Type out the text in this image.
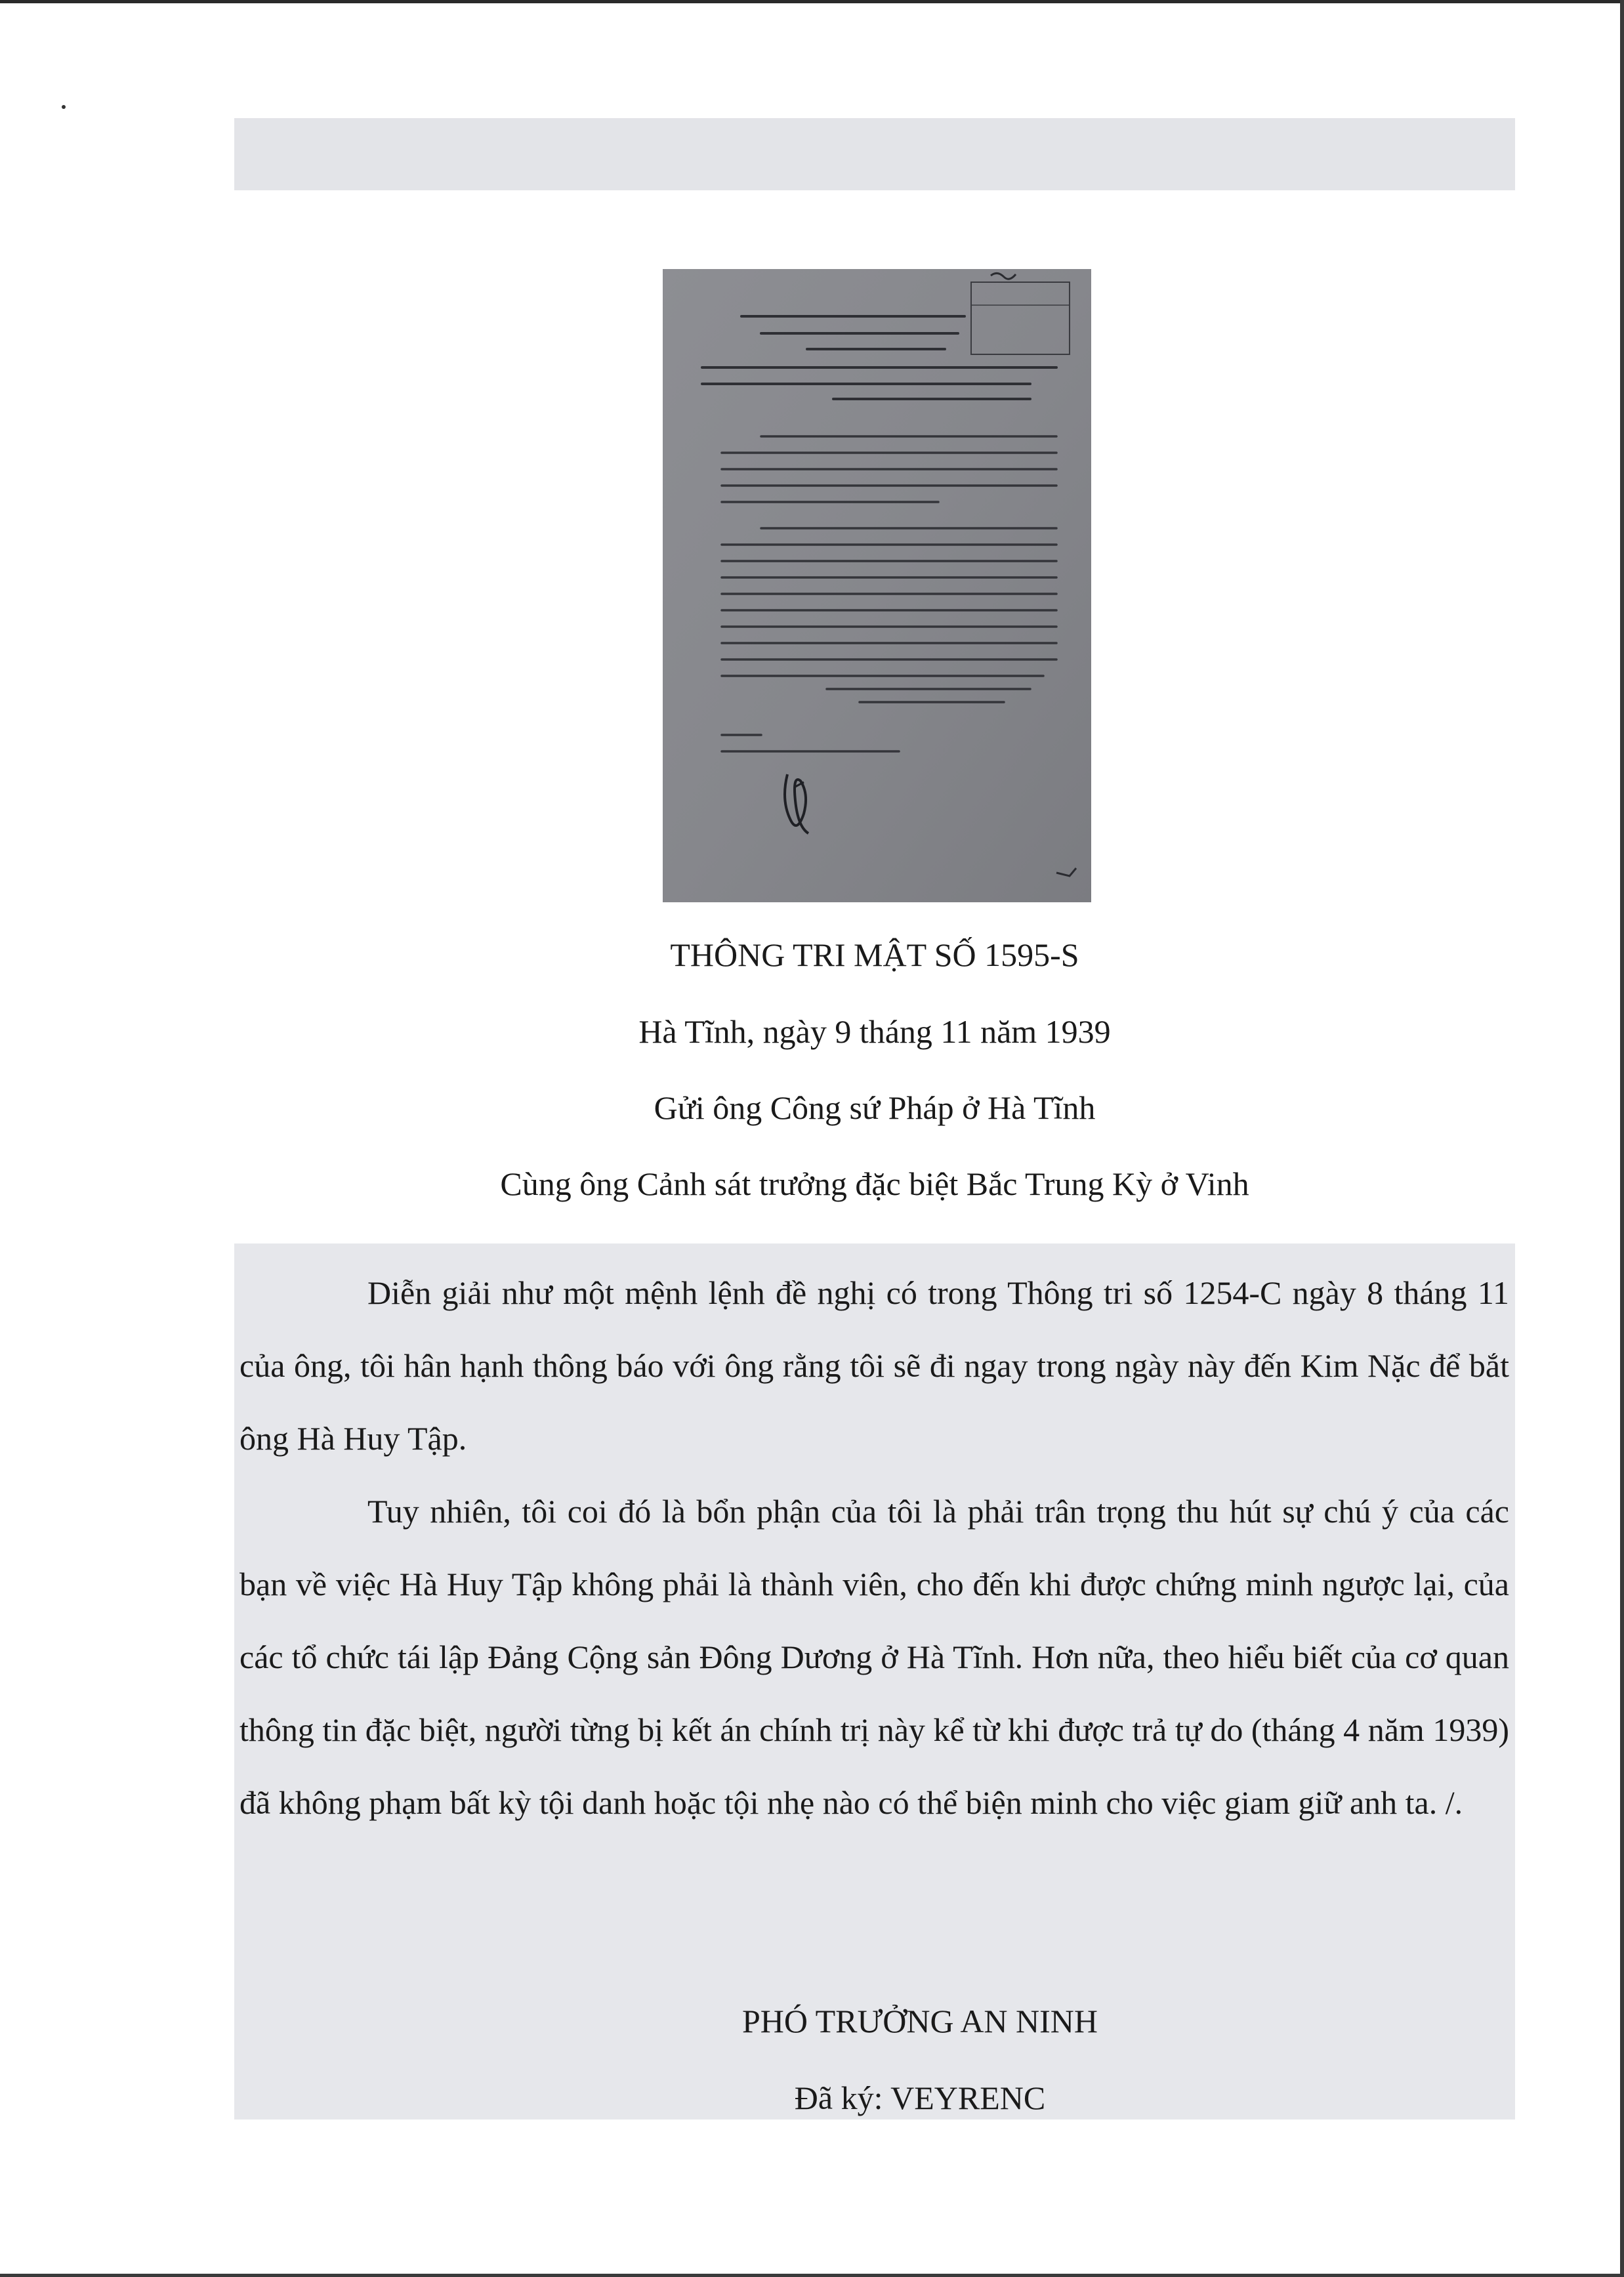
THÔNG TRI MẬT SỐ 1595-S
Hà Tĩnh, ngày 9 tháng 11 năm 1939
Gửi ông Công sứ Pháp ở Hà Tĩnh
Cùng ông Cảnh sát trưởng đặc biệt Bắc Trung Kỳ ở Vinh

Diễn giải như một mệnh lệnh đề nghị có trong Thông tri số 1254-C ngày 8 tháng 11 của ông, tôi hân hạnh thông báo với ông rằng tôi sẽ đi ngay trong ngày này đến Kim Nặc để bắt ông Hà Huy Tập.

Tuy nhiên, tôi coi đó là bổn phận của tôi là phải trân trọng thu hút sự chú ý của các bạn về việc Hà Huy Tập không phải là thành viên, cho đến khi được chứng minh ngược lại, của các tổ chức tái lập Đảng Cộng sản Đông Dương ở Hà Tĩnh. Hơn nữa, theo hiểu biết của cơ quan thông tin đặc biệt, người từng bị kết án chính trị này kể từ khi được trả tự do (tháng 4 năm 1939) đã không phạm bất kỳ tội danh hoặc tội nhẹ nào có thể biện minh cho việc giam giữ anh ta. /.

PHÓ TRƯỞNG AN NINH
Đã ký: VEYRENC
